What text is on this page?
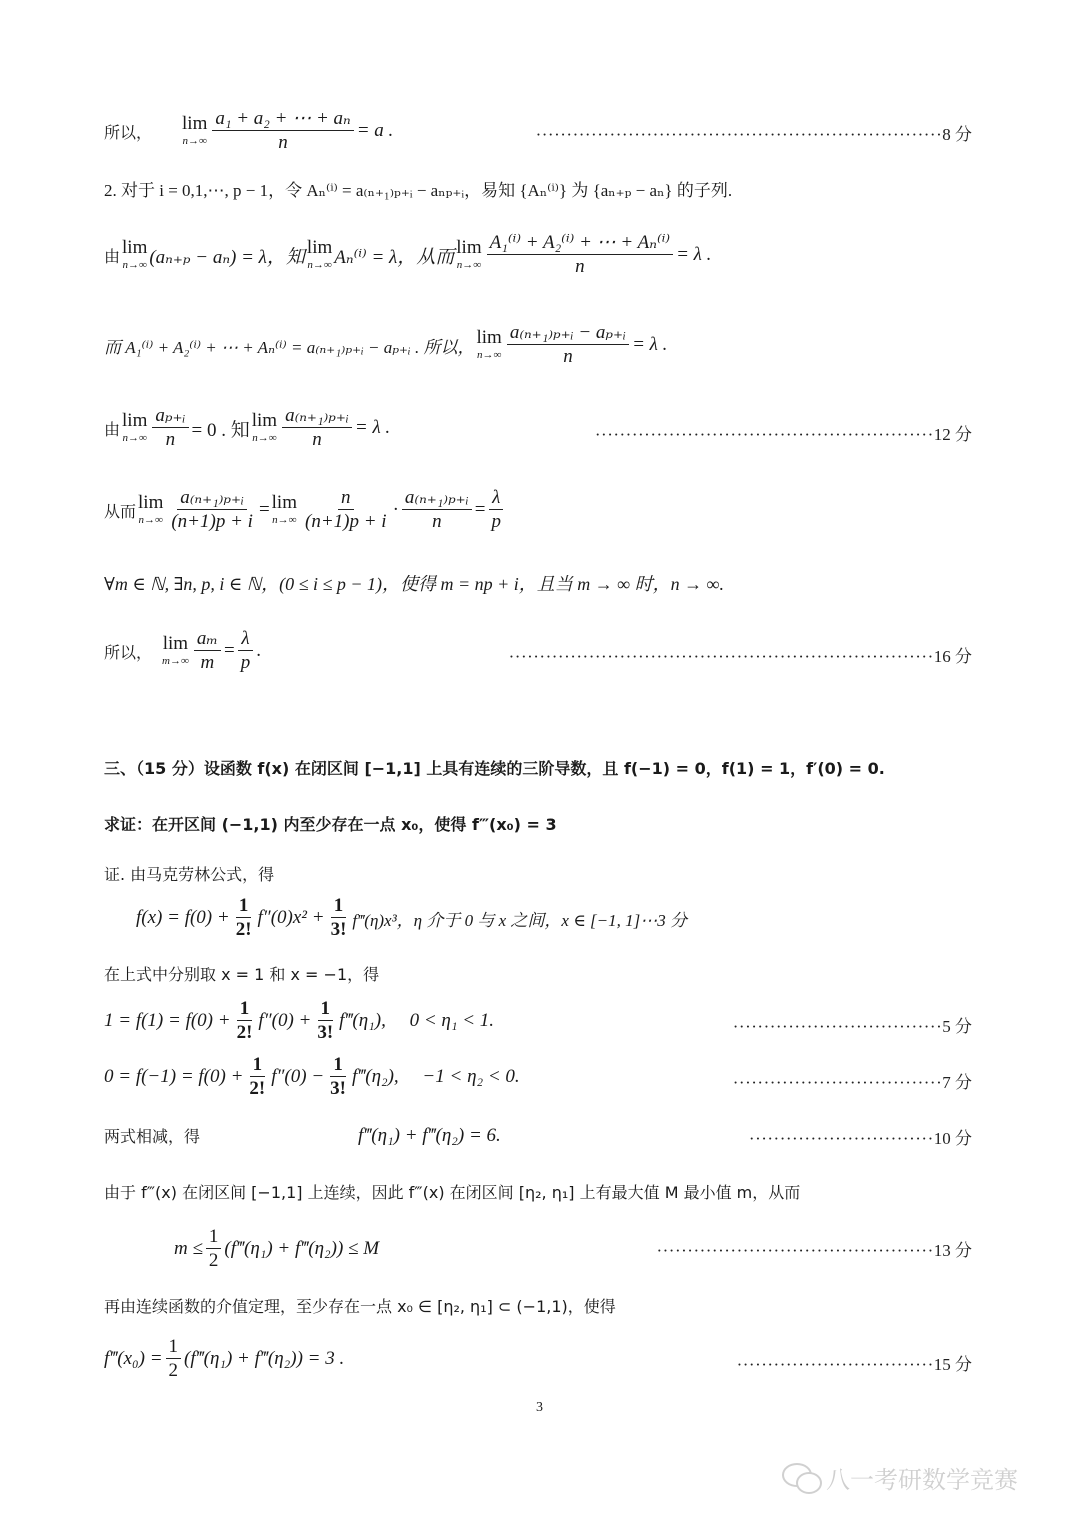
所以， lim
$n\to\infty \frac{\text{a₁ + a₂ + ⋯ + aₙ}}{n} = a$ .	··································································8 分
2. 对于 i = 0,1,⋯, p − 1，令 Aₙ⁽ⁱ⁾ = a₍ₙ₊₁₎ₚ₊ᵢ − aₙₚ₊ᵢ，易知 {Aₙ⁽ⁱ⁾} 为 {aₙ₊ₚ − aₙ} 的子列.
由 lim
n→∞ (aₙ₊ₚ − aₙ) = λ，知 lim
n→∞ Aₙ⁽ⁱ⁾ = λ，从而 lim
$n\to\infty \frac{\text{A₁⁽ⁱ⁾ + A₂⁽ⁱ⁾ + ⋯ + Aₙ⁽ⁱ⁾}}{n} = \lambda$ .
而 A₁⁽ⁱ⁾ + A₂⁽ⁱ⁾ + ⋯ + Aₙ⁽ⁱ⁾ = a₍ₙ₊₁₎ₚ₊ᵢ − aₚ₊ᵢ . 所以， lim
$n\to\infty \frac{\text{a₍ₙ₊₁₎ₚ₊ᵢ − aₚ₊ᵢ}}{n} = \lambda$ .
由 lim
$n\to\infty \frac{\text{aₚ₊ᵢ}}{n} = 0$ . 知 lim
$n\to\infty \frac{\text{a₍ₙ₊₁₎ₚ₊ᵢ}}{n} = \lambda$ .	·······················································12 分
从而 lim
$n\to\infty \frac{\text{a₍ₙ₊₁₎ₚ₊ᵢ}}{(n+1)p + i} = \lim$
$n\to\infty \frac{n}{(n+1)p + i} \cdot \frac{\text{a₍ₙ₊₁₎ₚ₊ᵢ}}{n} = \frac{\lambda}{p}$
∀m ∈ ℕ, ∃n, p, i ∈ ℕ，(0 ≤ i ≤ p − 1)，使得 m = np + i，且当 m → ∞ 时，n → ∞.
所以， lim
$m\to\infty \frac{\text{aₘ}}{m} = \frac{\lambda}{p}$ .	·····································································16 分
三、（15 分）设函数 f(x) 在闭区间 [−1,1] 上具有连续的三阶导数，且 f(−1) = 0，f(1) = 1，f′(0) = 0.
求证：在开区间 (−1,1) 内至少存在一点 x₀，使得 f‴(x₀) = 3
证. 由马克劳林公式，得
$f(x) = f(0) + \frac{1}{2!} f''(0)x^2 + \frac{1}{3!}$ f‴(η)x³，η 介于 0 与 x 之间，x ∈ [−1, 1]⋯3 分
在上式中分别取 x = 1 和 x = −1，得
$1 = f(1) = f(0) + \frac{1}{2!} f''(0) + \frac{1}{3!}$ f‴(η₁),     0 < η₁ < 1.	··································5 分
$0 = f(-1) = f(0) + \frac{1}{2!} f''(0) - \frac{1}{3!}$ f‴(η₂),     −1 < η₂ < 0.	··································7 分
两式相减，得	f‴(η₁) + f‴(η₂) = 6.	······························10 分
由于 f‴(x) 在闭区间 [−1,1] 上连续，因此 f‴(x) 在闭区间 [η₂, η₁] 上有最大值 M 最小值 m，从而
$m \le \frac{1}{2}$ (f‴(η₁) + f‴(η₂)) ≤ M	·············································13 分
再由连续函数的介值定理，至少存在一点 x₀ ∈ [η₂, η₁] ⊂ (−1,1)，使得
f‴(x₀) = $\frac{1}{2}$ (f‴(η₁) + f‴(η₂)) = 3 .	································15 分
3
八一考研数学竞赛
